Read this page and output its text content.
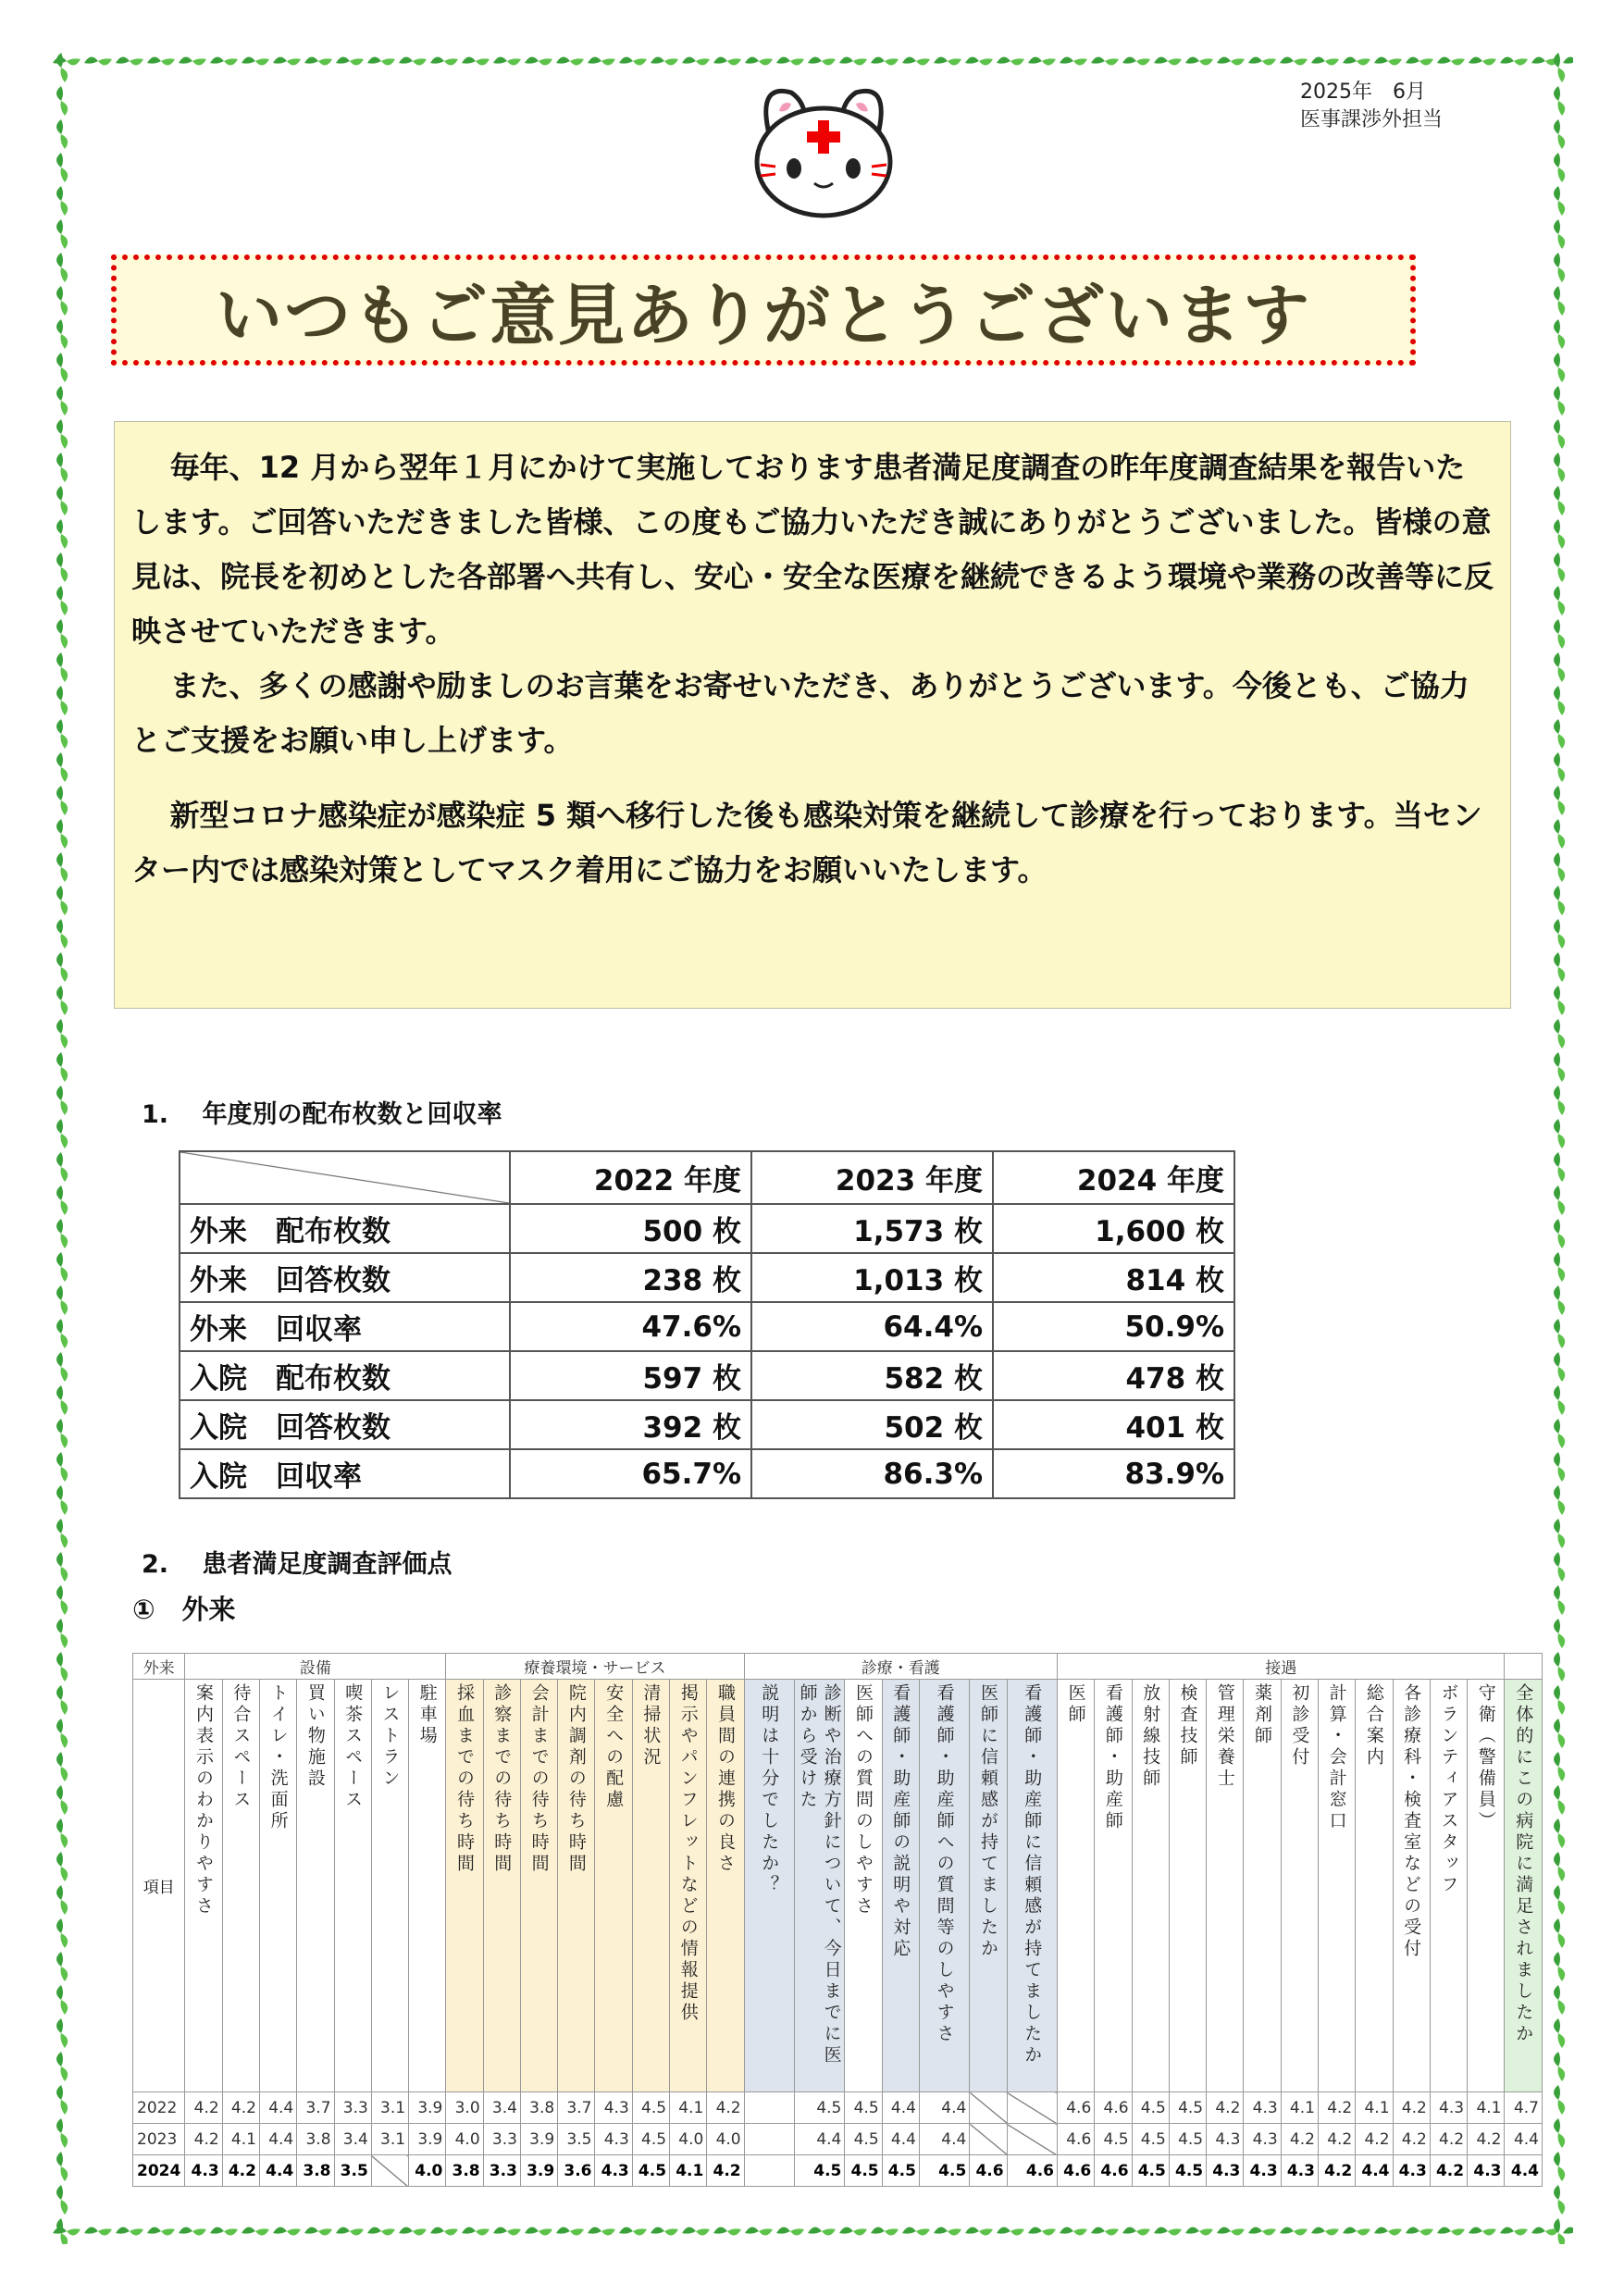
2025年　6月
医事課渉外担当
いつもご意見ありがとうございます

毎年、12 月から翌年１月にかけて実施しております患者満足度調査の昨年度調査結果を報告いたします。ご回答いただきました皆様、この度もご協力いただき誠にありがとうございました。皆様の意見は、院長を初めとした各部署へ共有し、安心・安全な医療を継続できるよう環境や業務の改善等に反映させていただきます。

また、多くの感謝や励ましのお言葉をお寄せいただき、ありがとうございます。今後とも、ご協力とご支援をお願い申し上げます。

新型コロナ感染症が感染症 5 類へ移行した後も感染対策を継続して診療を行っております。当センター内では感染対策としてマスク着用にご協力をお願いいたします。

1.　 年度別の配布枚数と回収率
	2022 年度	2023 年度	2024 年度
外来　配布枚数	500 枚	1,573 枚	1,600 枚
外来　回答枚数	238 枚	1,013 枚	814 枚
外来　回収率	47.6%	64.4%	50.9%
入院　配布枚数	597 枚	582 枚	478 枚
入院　回答枚数	392 枚	502 枚	401 枚
入院　回収率	65.7%	86.3%	83.9%
2.　 患者満足度調査評価点
①　外来
外来	設備							療養環境・サービス								診療・看護							接遇												
項目	案内表示のわかりやすさ	待合スペース	トイレ・洗面所	買い物施設	喫茶スペース	レストラン	駐車場	採血までの待ち時間	診察までの待ち時間	会計までの待ち時間	院内調剤の待ち時間	安全への配慮	清掃状況	掲示やパンフレットなどの情報提供	職員間の連携の良さ	説明は十分でしたか？	診断や治療方針について、今日までに医師から受けた	医師への質問のしやすさ	看護師・助産師の説明や対応	看護師・助産師への質問等のしやすさ	医師に信頼感が持てましたか	看護師・助産師に信頼感が持てましたか	医師	看護師・助産師	放射線技師	検査技師	管理栄養士	薬剤師	初診受付	計算・会計窓口	総合案内	各診療科・検査室などの受付	ボランティアスタッフ	守衛（警備員）	全体的にこの病院に満足されましたか

2022	4.2	4.2	4.4	3.7	3.3	3.1	3.9	3.0	3.4	3.8	3.7	4.3	4.5	4.1	4.2		4.5	4.5	4.4	4.4			4.6	4.6	4.5	4.5	4.2	4.3	4.1	4.2	4.1	4.2	4.3	4.1	4.7
2023	4.2	4.1	4.4	3.8	3.4	3.1	3.9	4.0	3.3	3.9	3.5	4.3	4.5	4.0	4.0		4.4	4.5	4.4	4.4			4.6	4.5	4.5	4.5	4.3	4.3	4.2	4.2	4.2	4.2	4.2	4.2	4.4
2024	4.3	4.2	4.4	3.8	3.5		4.0	3.8	3.3	3.9	3.6	4.3	4.5	4.1	4.2		4.5	4.5	4.5	4.5	4.6	4.6	4.6	4.6	4.5	4.5	4.3	4.3	4.3	4.2	4.4	4.3	4.2	4.3	4.4
